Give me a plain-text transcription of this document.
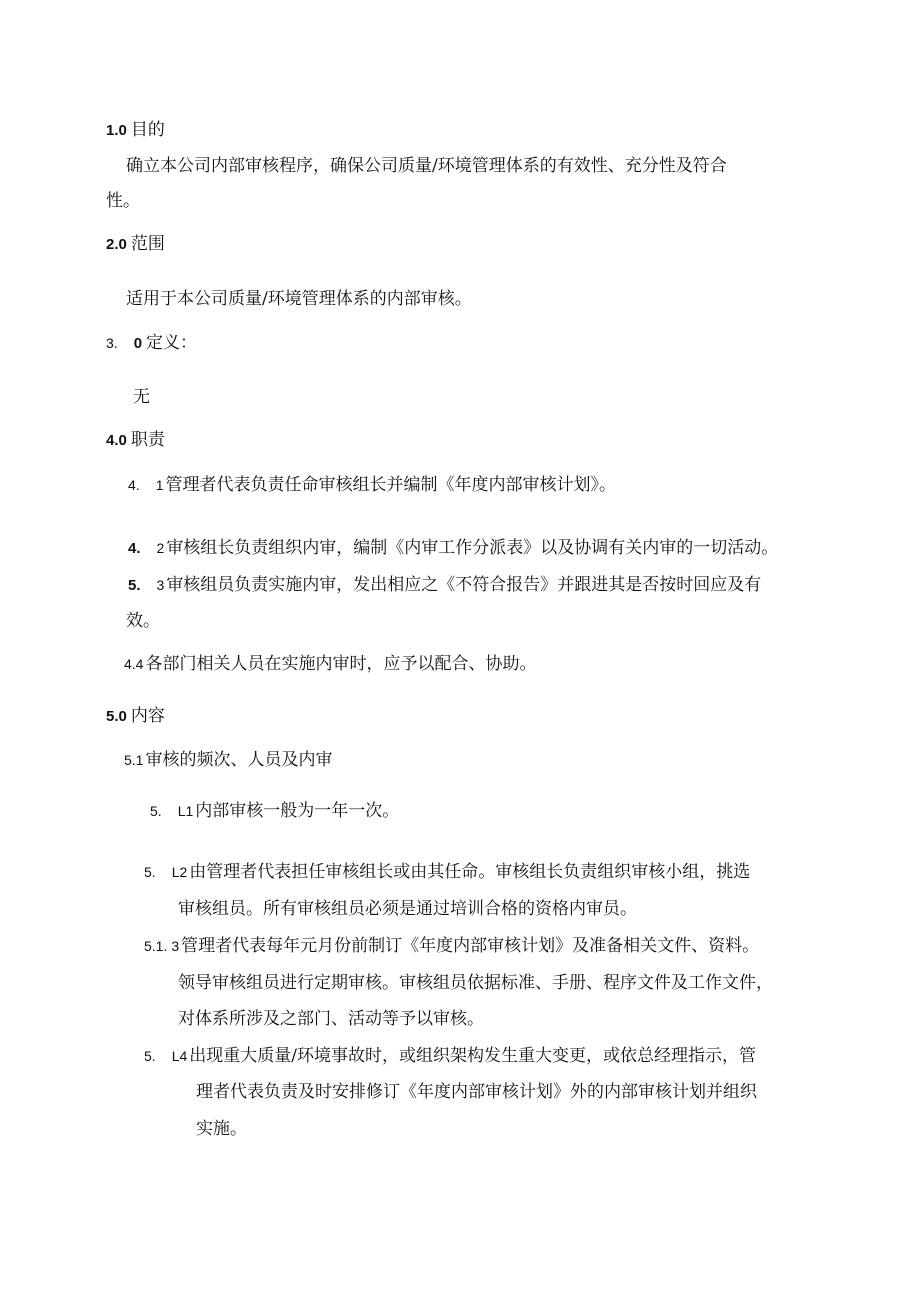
1.0 目的
确立本公司内部审核程序，确保公司质量/环境管理体系的有效性、充分性及符合
性。
2.0 范围
适用于本公司质量/环境管理体系的内部审核。
3. 0 定义：
无
4.0 职责
4. 1 管理者代表负责任命审核组长并编制《年度内部审核计划》。
4. 2 审核组长负责组织内审，编制《内审工作分派表》以及协调有关内审的一切活动。
5. 3 审核组员负责实施内审，发出相应之《不符合报告》并跟进其是否按时回应及有
效。
4.4 各部门相关人员在实施内审时，应予以配合、协助。
5.0 内容
5.1 审核的频次、人员及内审
5. L1 内部审核一般为一年一次。
5. L2 由管理者代表担任审核组长或由其任命。审核组长负责组织审核小组，挑选
审核组员。所有审核组员必须是通过培训合格的资格内审员。
5.1. 3 管理者代表每年元月份前制订《年度内部审核计划》及准备相关文件、资料。
领导审核组员进行定期审核。审核组员依据标准、手册、程序文件及工作文件，
对体系所涉及之部门、活动等予以审核。
5. L4 出现重大质量/环境事故时，或组织架构发生重大变更，或依总经理指示，管
理者代表负责及时安排修订《年度内部审核计划》外的内部审核计划并组织
实施。
